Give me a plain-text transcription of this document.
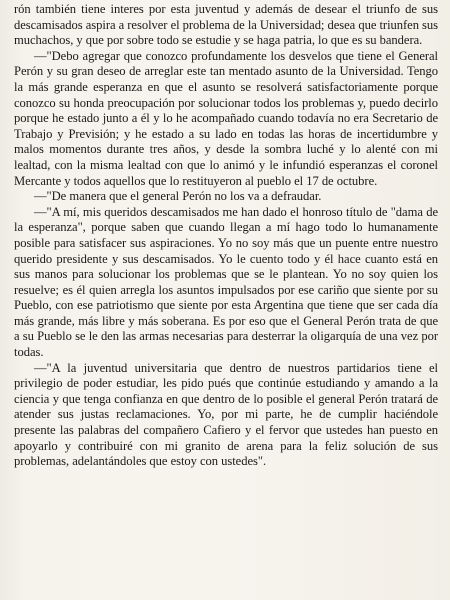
rón también tiene interes por esta juventud y además de desear el triunfo de sus descamisados aspira a resolver el problema de la Universidad; desea que triunfen sus muchachos, y que por sobre todo se estudie y se haga patria, lo que es su bandera.

—"Debo agregar que conozco profundamente los desvelos que tiene el General Perón y su gran deseo de arreglar este tan mentado asunto de la Universidad. Tengo la más grande esperanza en que el asunto se resolverá satisfactoriamente porque conozco su honda preocupación por solucionar todos los problemas y, puedo decirlo porque he estado junto a él y lo he acompañado cuando todavía no era Secretario de Trabajo y Previsión; y he estado a su lado en todas las horas de incertidumbre y malos momentos durante tres años, y desde la sombra luché y lo alenté con mi lealtad, con la misma lealtad con que lo animó y le infundió esperanzas el coronel Mercante y todos aquellos que lo restituyeron al pueblo el 17 de octubre.

—"De manera que el general Perón no los va a defraudar.

—"A mí, mis queridos descamisados me han dado el honroso título de "dama de la esperanza", porque saben que cuando llegan a mí hago todo lo humanamente posible para satisfacer sus aspiraciones. Yo no soy más que un puente entre nuestro querido presidente y sus descamisados. Yo le cuento todo y él hace cuanto está en sus manos para solucionar los problemas que se le plantean. Yo no soy quien los resuelve; es él quien arregla los asuntos impulsados por ese cariño que siente por su Pueblo, con ese patriotismo que siente por esta Argentina que tiene que ser cada día más grande, más libre y más soberana. Es por eso que el General Perón trata de que a su Pueblo se le den las armas necesarias para desterrar la oligarquía de una vez por todas.

—"A la juventud universitaria que dentro de nuestros partidarios tiene el privilegio de poder estudiar, les pido pués que continúe estudiando y amando a la ciencia y que tenga confianza en que dentro de lo posible el general Perón tratará de atender sus justas reclamaciones. Yo, por mi parte, he de cumplir haciéndole presente las palabras del compañero Cafiero y el fervor que ustedes han puesto en apoyarlo y contribuiré con mi granito de arena para la feliz solución de sus problemas, adelantándoles que estoy con ustedes".
